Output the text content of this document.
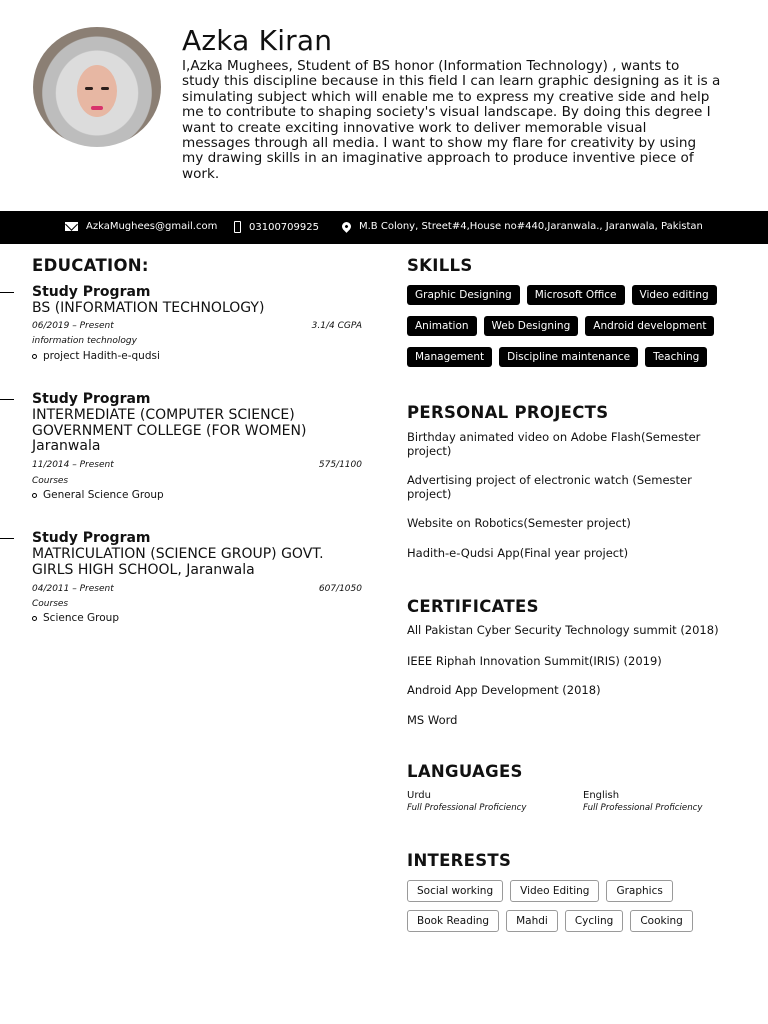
Azka Kiran
I,Azka Mughees, Student of BS honor (Information Technology) , wants to
study this discipline because in this field I can learn graphic designing as it is a
simulating subject which will enable me to express my creative side and help
me to contribute to shaping society's visual landscape. By doing this degree I
want to create exciting innovative work to deliver memorable visual
messages through all media. I want to show my flare for creativity by using
my drawing skills in an imaginative approach to produce inventive piece of
work.
AzkaMughees@gmail.com	03100709925	M.B Colony, Street#4,House no#440,Jaranwala., Jaranwala, Pakistan
EDUCATION:
Study Program
BS (INFORMATION TECHNOLOGY)
06/2019 – Present	3.1/4 CGPA
information technology
project Hadith-e-qudsi
Study Program
INTERMEDIATE (COMPUTER SCIENCE)
GOVERNMENT COLLEGE (FOR WOMEN)
Jaranwala
11/2014 – Present	575/1100
Courses
General Science Group
Study Program
MATRICULATION (SCIENCE GROUP) GOVT.
GIRLS HIGH SCHOOL, Jaranwala
04/2011 – Present	607/1050
Courses
Science Group
SKILLS
Graphic Designing	Microsoft Office	Video editing
Animation	Web Designing	Android development
Management	Discipline maintenance	Teaching
PERSONAL PROJECTS
Birthday animated video on Adobe Flash(Semester project)
Advertising project of electronic watch (Semester project)
Website on Robotics(Semester project)
Hadith-e-Qudsi App(Final year project)
CERTIFICATES
All Pakistan Cyber Security Technology summit (2018)
IEEE Riphah Innovation Summit(IRIS) (2019)
Android App Development (2018)
MS Word
LANGUAGES
Urdu
Full Professional Proficiency
English
Full Professional Proficiency
INTERESTS
Social working	Video Editing	Graphics
Book Reading	Mahdi	Cycling	Cooking
